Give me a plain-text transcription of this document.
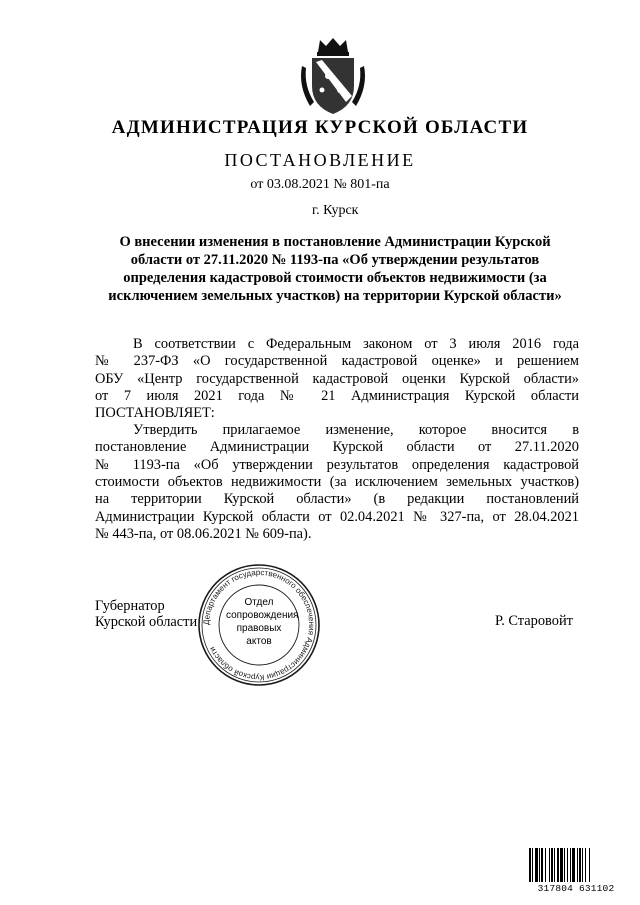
АДМИНИСТРАЦИЯ КУРСКОЙ ОБЛАСТИ
ПОСТАНОВЛЕНИЕ
от 03.08.2021 № 801-па
г. Курск
О внесении изменения в постановление Администрации Курской
области от 27.11.2020 № 1193-па «Об утверждении результатов
определения кадастровой стоимости объектов недвижимости (за
исключением земельных участков) на территории Курской области»
В соответствии с Федеральным законом от 3 июля 2016 года
№ 237-ФЗ «О государственной кадастровой оценке» и решением
ОБУ «Центр государственной кадастровой оценки Курской области»
от 7 июля 2021 года № 21 Администрация Курской области
ПОСТАНОВЛЯЕТ:
Утвердить прилагаемое изменение, которое вносится в
постановление Администрации Курской области от 27.11.2020
№ 1193-па «Об утверждении результатов определения кадастровой
стоимости объектов недвижимости (за исключением земельных участков)
на территории Курской области» (в редакции постановлений
Администрации Курской области от 02.04.2021 № 327-па, от 28.04.2021
№ 443-па, от 08.06.2021 № 609-па).
Департамент государственного обеспечения Администрации Курской области
Отдел
сопровождения
правовых
актов
Губернатор
Курской области	Р. Старовойт
317804 631102
